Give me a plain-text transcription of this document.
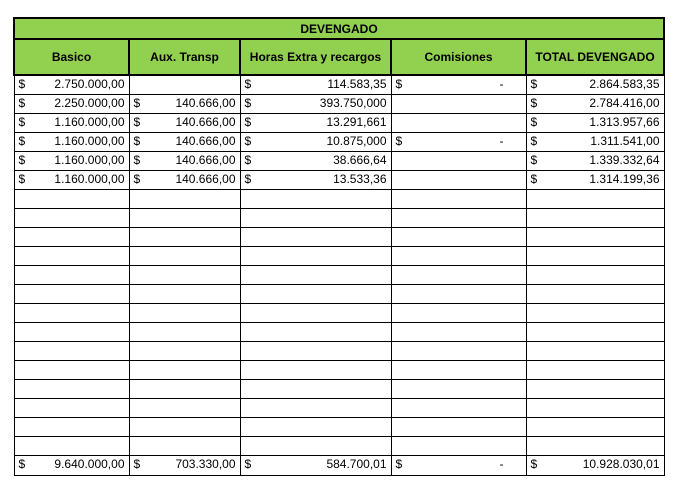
DEVENGADO				
Basico	Aux. Transp	Horas Extra y recargos	Comisiones	TOTAL DEVENGADO

$ 2.750.000,00		$ 114.583,35	$ -	$ 2.864.583,35

$ 2.250.000,00	$ 140.666,00	$ 393.750,000		$ 2.784.416,00

$ 1.160.000,00	$ 140.666,00	$ 13.291,661		$ 1.313.957,66

$ 1.160.000,00	$ 140.666,00	$ 10.875,000	$ -	$ 1.311.541,00

$ 1.160.000,00	$ 140.666,00	$ 38.666,64		$ 1.339.332,64

$ 1.160.000,00	$ 140.666,00	$ 13.533,36		$ 1.314.199,36

$ 9.640.000,00	$ 703.330,00	$ 584.700,01	$ -	$ 10.928.030,01
